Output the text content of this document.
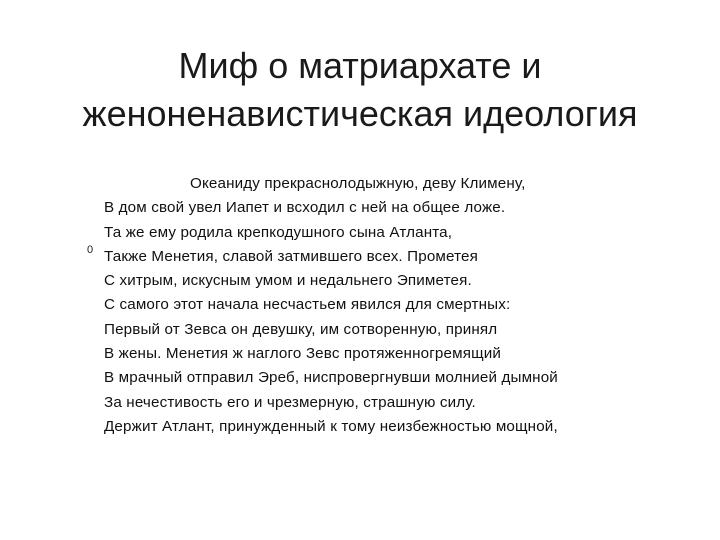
Миф о матриархате и
женоненавистическая идеология
0
Океаниду прекраснолодыжную, деву Климену,
В дом свой увел Иапет и всходил с ней на общее ложе.
Та же ему родила крепкодушного сына Атланта,
Также Менетия, славой затмившего всех. Прометея
С хитрым, искусным умом и недальнего Эпиметея.
С самого этот начала несчастьем явился для смертных:
Первый от Зевса он девушку, им сотворенную, принял
В жены. Менетия ж наглого Зевс протяженногремящий
В мрачный отправил Эреб, ниспровергнувши молнией дымной
За нечестивость его и чрезмерную, страшную силу.
Держит Атлант, принужденный к тому неизбежностью мощной,
